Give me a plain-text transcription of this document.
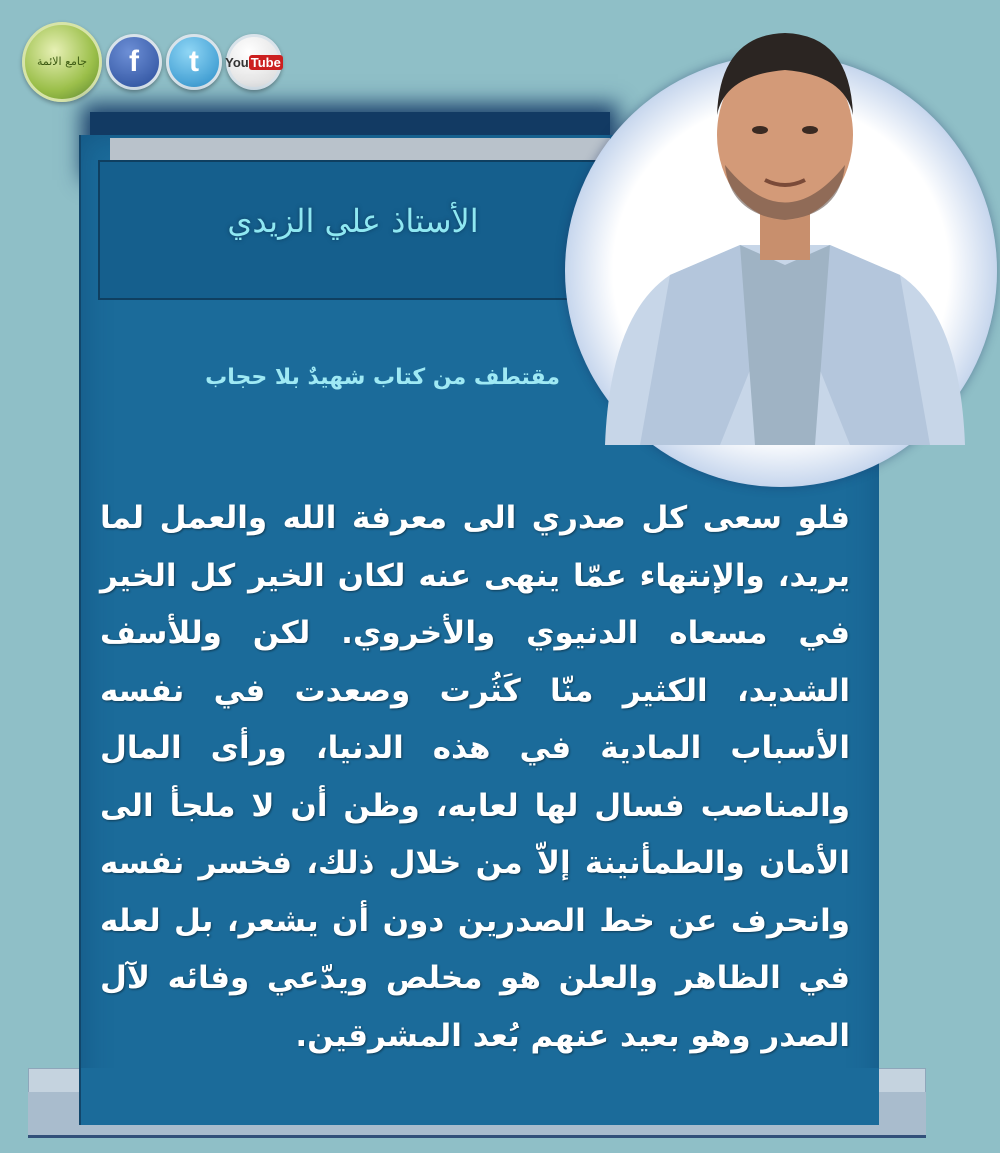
جامع الائمة f t You Tube
الأستاذ علي الزيدي
مقتطف من كتاب شهيدٌ بلا حجاب
فلو سعى كل صدري الى معرفة الله والعمل لما يريد، والإنتهاء عمّا ينهى عنه لكان الخير كل الخير في مسعاه الدنيوي والأخروي. لكن وللأسف الشديد، الكثير منّا كَثُرت وصعدت في نفسه الأسباب المادية في هذه الدنيا، ورأى المال والمناصب فسال لها لعابه، وظن أن لا ملجأ الى الأمان والطمأنينة إلاّ من خلال ذلك، فخسر نفسه وانحرف عن خط الصدرين دون أن يشعر، بل لعله في الظاهر والعلن هو مخلص ويدّعي وفائه لآل الصدر وهو بعيد عنهم بُعد المشرقين.
